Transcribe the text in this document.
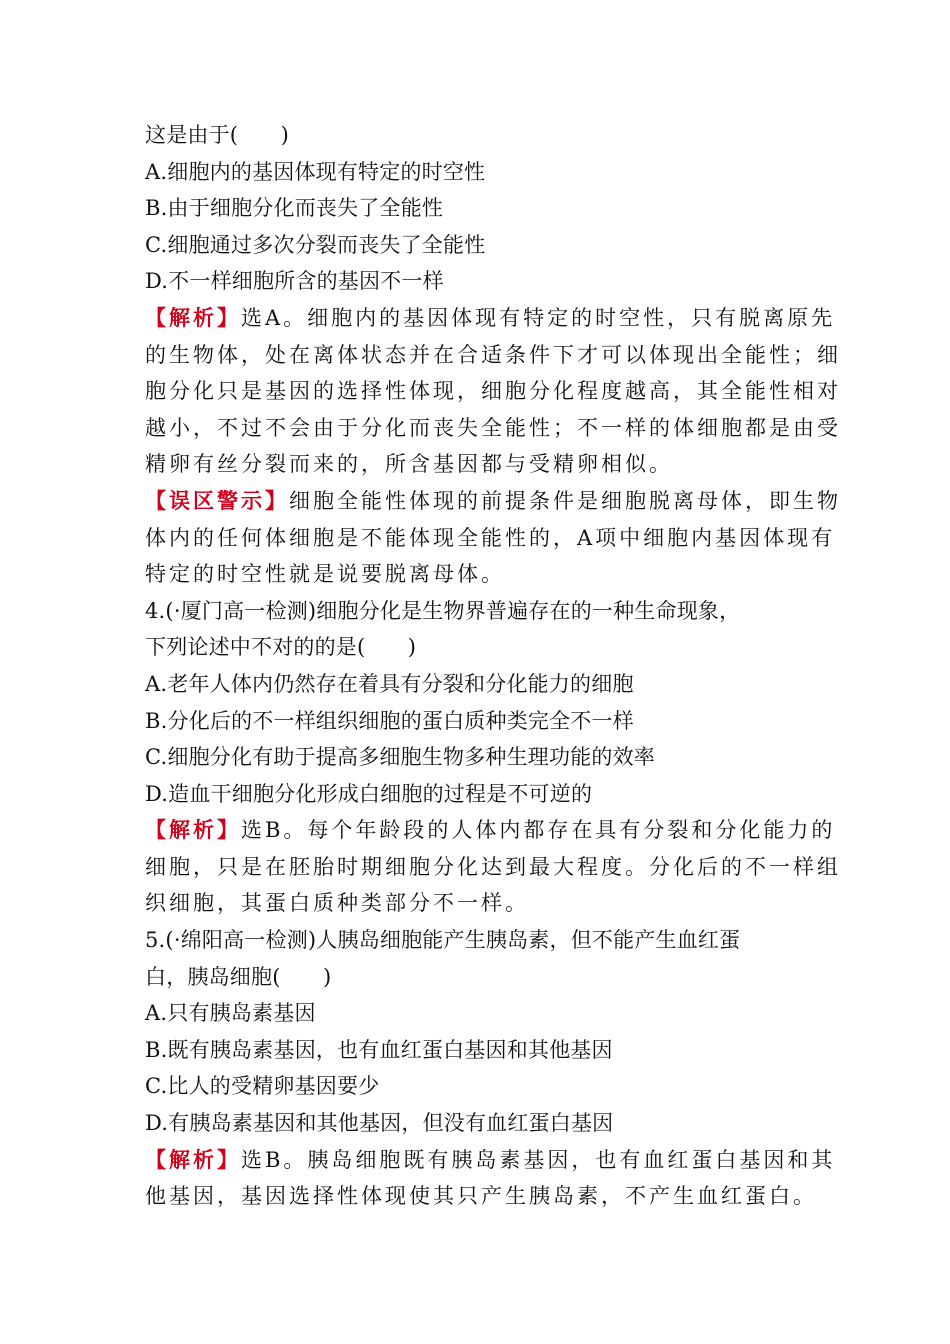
这是由于(　　)
A.细胞内的基因体现有特定的时空性
B.由于细胞分化而丧失了全能性
C.细胞通过多次分裂而丧失了全能性
D.不一样细胞所含的基因不一样
【解析】选A。细胞内的基因体现有特定的时空性，只有脱离原先
的生物体，处在离体状态并在合适条件下才可以体现出全能性；细
胞分化只是基因的选择性体现，细胞分化程度越高，其全能性相对
越小，不过不会由于分化而丧失全能性；不一样的体细胞都是由受
精卵有丝分裂而来的，所含基因都与受精卵相似。
【误区警示】细胞全能性体现的前提条件是细胞脱离母体，即生物
体内的任何体细胞是不能体现全能性的，A项中细胞内基因体现有
特定的时空性就是说要脱离母体。
4.(·厦门高一检测)细胞分化是生物界普遍存在的一种生命现象，
下列论述中不对的的是(　　)
A.老年人体内仍然存在着具有分裂和分化能力的细胞
B.分化后的不一样组织细胞的蛋白质种类完全不一样
C.细胞分化有助于提高多细胞生物多种生理功能的效率
D.造血干细胞分化形成白细胞的过程是不可逆的
【解析】选B。每个年龄段的人体内都存在具有分裂和分化能力的
细胞，只是在胚胎时期细胞分化达到最大程度。分化后的不一样组
织细胞，其蛋白质种类部分不一样。
5.(·绵阳高一检测)人胰岛细胞能产生胰岛素，但不能产生血红蛋
白，胰岛细胞(　　)
A.只有胰岛素基因
B.既有胰岛素基因，也有血红蛋白基因和其他基因
C.比人的受精卵基因要少
D.有胰岛素基因和其他基因，但没有血红蛋白基因
【解析】选B。胰岛细胞既有胰岛素基因，也有血红蛋白基因和其
他基因，基因选择性体现使其只产生胰岛素，不产生血红蛋白。
